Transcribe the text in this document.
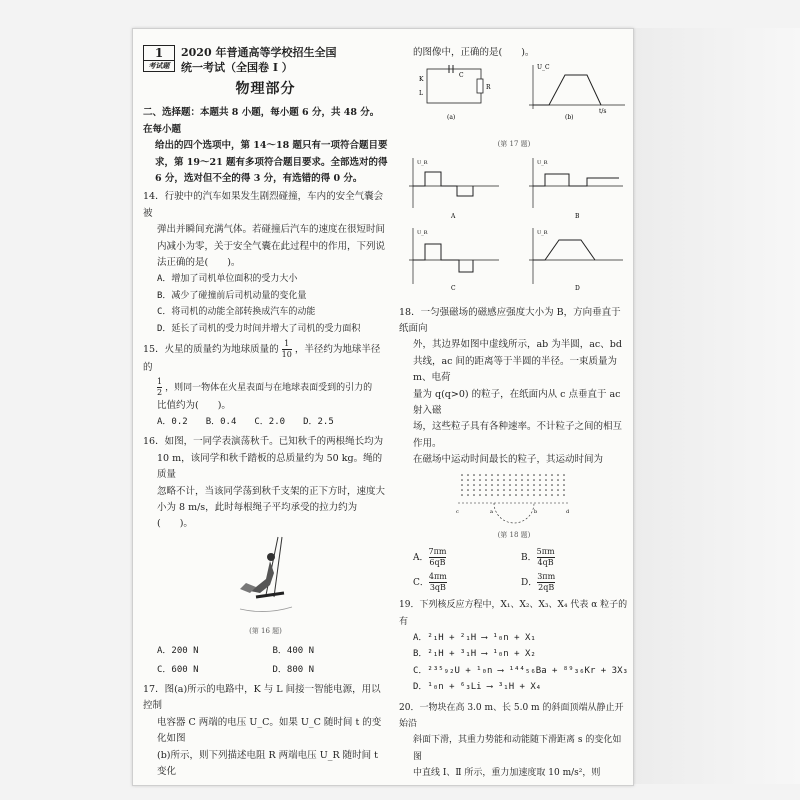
1
考试题
2020 年普通高等学校招生全国
统一考试（全国卷 I ）
物理部分
二、选择题：本题共 8 小题，每小题 6 分，共 48 分。在每小题
给出的四个选项中，第 14～18 题只有一项符合题目要
求，第 19～21 题有多项符合题目要求。全部选对的得
6 分，选对但不全的得 3 分，有选错的得 0 分。
14．行驶中的汽车如果发生剧烈碰撞，车内的安全气囊会被
弹出并瞬间充满气体。若碰撞后汽车的速度在很短时间
内减小为零，关于安全气囊在此过程中的作用，下列说
法正确的是(　　)。
A．增加了司机单位面积的受力大小
B．减少了碰撞前后司机动量的变化量
C．将司机的动能全部转换成汽车的动能
D．延长了司机的受力时间并增大了司机的受力面积
15．火星的质量约为地球质量的 $\frac{1}{10}$ ，半径约为地球半径的
$\frac{1}{2}$ ，则同一物体在火星表面与在地球表面受到的引力的
比值约为(　　)。
A．0.2 B．0.4 C．2.0 D．2.5
16．如图，一同学表演荡秋千。已知秋千的两根绳长均为
10 m，该同学和秋千踏板的总质量约为 50 kg。绳的质量
忽略不计，当该同学荡到秋千支架的正下方时，速度大
小为 8 m/s，此时每根绳子平均承受的拉力约为(　　)。
(第 16 题)
A．200 N	B．400 N
C．600 N	D．800 N
17．图(a)所示的电路中，K 与 L 间接一智能电源，用以控制
电容器 C 两端的电压 U_C。如果 U_C 随时间 t 的变化如图
(b)所示，则下列描述电阻 R 两端电压 U_R 随时间 t 变化
的图像中，正确的是(　　)。
C
R
K
L
(a)
U_C
t/s
(b)
(第 17 题)
U_R
A
U_R
B
U_R
C
U_R
D
18．一匀强磁场的磁感应强度大小为 B，方向垂直于纸面向
外，其边界如图中虚线所示，ab 为半圆，ac、bd
共线，ac 间的距离等于半圆的半径。一束质量为 m、电荷
量为 q(q>0) 的粒子，在纸面内从 c 点垂直于 ac 射入磁
场，这些粒子具有各种速率。不计粒子之间的相互作用。
在磁场中运动时间最长的粒子，其运动时间为
c	a	b	d
(第 18 题)
A． $\frac{7\pi m}{6qB}$	B． $\frac{5\pi m}{4qB}$
C． $\frac{4\pi m}{3qB}$	D． $\frac{3\pi m}{2qB}$
19．下列核反应方程中，X₁、X₂、X₃、X₄ 代表 α 粒子的有
A．²₁H + ²₁H ⟶ ¹₀n + X₁
B．²₁H + ³₁H ⟶ ¹₀n + X₂
C．²³⁵₉₂U + ¹₀n ⟶ ¹⁴⁴₅₆Ba + ⁸⁹₃₆Kr + 3X₃
D．¹₀n + ⁶₃Li ⟶ ³₁H + X₄
20．一物块在高 3.0 m、长 5.0 m 的斜面顶端从静止开始沿
斜面下滑，其重力势能和动能随下滑距离 s 的变化如图
中直线 Ⅰ、Ⅱ 所示，重力加速度取 10 m/s²，则
